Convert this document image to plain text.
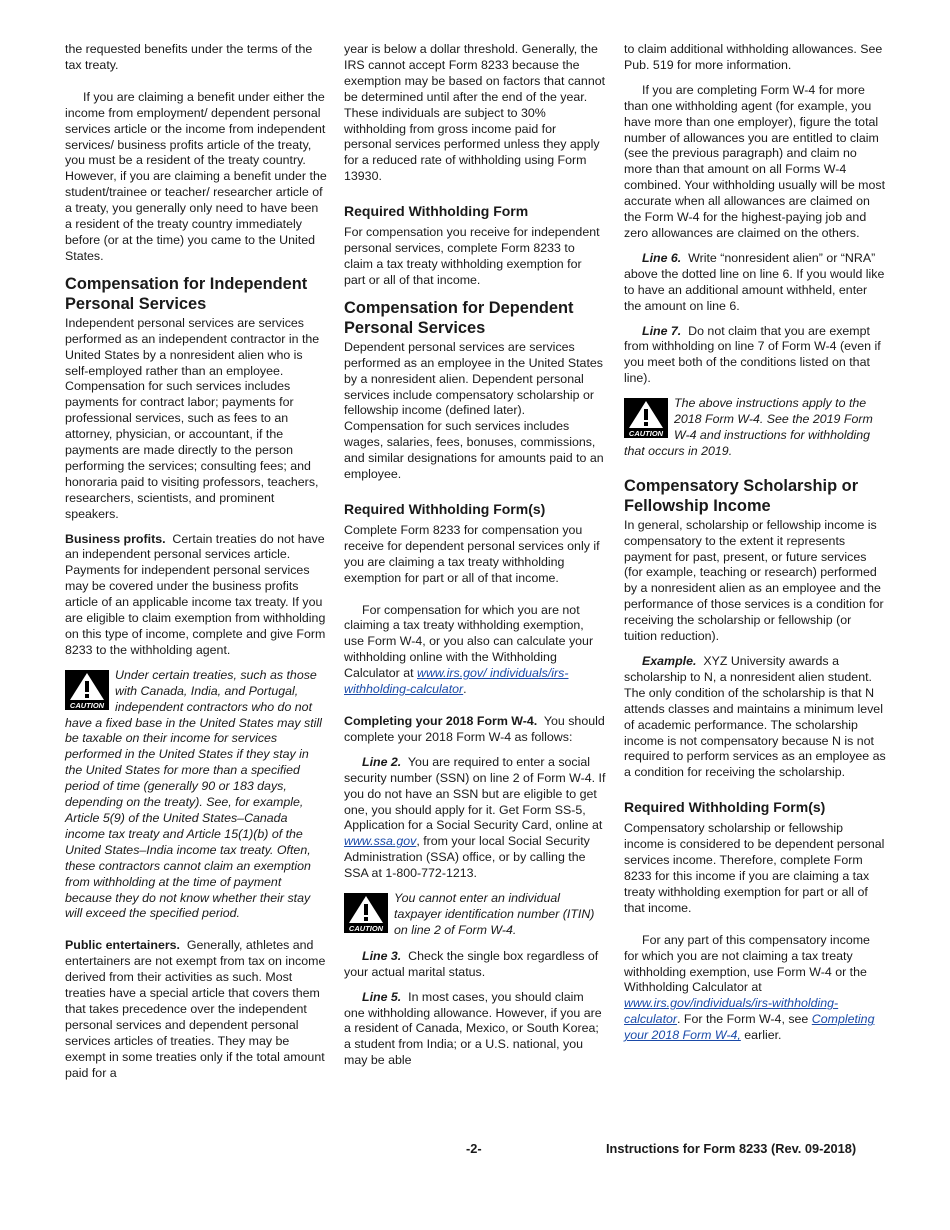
the requested benefits under the terms of the tax treaty.

If you are claiming a benefit under either the income from employment/ dependent personal services article or the income from independent services/ business profits article of the treaty, you must be a resident of the treaty country. However, if you are claiming a benefit under the student/trainee or teacher/ researcher article of a treaty, you generally only need to have been a resident of the treaty country immediately before (or at the time) you came to the United States.

Compensation for Independent Personal Services

Independent personal services are services performed as an independent contractor in the United States by a nonresident alien who is self-employed rather than an employee. Compensation for such services includes payments for contract labor; payments for professional services, such as fees to an attorney, physician, or accountant, if the payments are made directly to the person performing the services; consulting fees; and honoraria paid to visiting professors, teachers, researchers, scientists, and prominent speakers.

Business profits. Certain treaties do not have an independent personal services article. Payments for independent personal services may be covered under the business profits article of an applicable income tax treaty. If you are eligible to claim exemption from withholding on this type of income, complete and give Form 8233 to the withholding agent.

CAUTION
Under certain treaties, such as those with Canada, India, and Portugal, independent contractors who do not have a fixed base in the United States may still be taxable on their income for services performed in the United States if they stay in the United States for more than a specified period of time (generally 90 or 183 days, depending on the treaty). See, for example, Article 5(9) of the United States–Canada income tax treaty and Article 15(1)(b) of the United States–India income tax treaty. Often, these contractors cannot claim an exemption from withholding at the time of payment because they do not know whether their stay will exceed the specified period.

Public entertainers. Generally, athletes and entertainers are not exempt from tax on income derived from their activities as such. Most treaties have a special article that covers them that takes precedence over the independent personal services and dependent personal services articles of treaties. They may be exempt in some treaties only if the total amount paid for a

year is below a dollar threshold. Generally, the IRS cannot accept Form 8233 because the exemption may be based on factors that cannot be determined until after the end of the year. These individuals are subject to 30% withholding from gross income paid for personal services performed unless they apply for a reduced rate of withholding using Form 13930.

Required Withholding Form

For compensation you receive for independent personal services, complete Form 8233 to claim a tax treaty withholding exemption for part or all of that income.

Compensation for Dependent Personal Services

Dependent personal services are services performed as an employee in the United States by a nonresident alien. Dependent personal services include compensatory scholarship or fellowship income (defined later). Compensation for such services includes wages, salaries, fees, bonuses, commissions, and similar designations for amounts paid to an employee.

Required Withholding Form(s)

Complete Form 8233 for compensation you receive for dependent personal services only if you are claiming a tax treaty withholding exemption for part or all of that income.

For compensation for which you are not claiming a tax treaty withholding exemption, use Form W-4, or you also can calculate your withholding online with the Withholding Calculator at www.irs.gov/ individuals/irs-withholding-calculator.

Completing your 2018 Form W-4. You should complete your 2018 Form W-4 as follows:

Line 2. You are required to enter a social security number (SSN) on line 2 of Form W-4. If you do not have an SSN but are eligible to get one, you should apply for it. Get Form SS-5, Application for a Social Security Card, online at www.ssa.gov, from your local Social Security Administration (SSA) office, or by calling the SSA at 1-800-772-1213.

CAUTION
You cannot enter an individual taxpayer identification number (ITIN) on line 2 of Form W-4.

Line 3. Check the single box regardless of your actual marital status.

Line 5. In most cases, you should claim one withholding allowance. However, if you are a resident of Canada, Mexico, or South Korea; a student from India; or a U.S. national, you may be able

to claim additional withholding allowances. See Pub. 519 for more information.

If you are completing Form W-4 for more than one withholding agent (for example, you have more than one employer), figure the total number of allowances you are entitled to claim (see the previous paragraph) and claim no more than that amount on all Forms W-4 combined. Your withholding usually will be most accurate when all allowances are claimed on the Form W-4 for the highest-paying job and zero allowances are claimed on the others.

Line 6. Write “nonresident alien” or “NRA” above the dotted line on line 6. If you would like to have an additional amount withheld, enter the amount on line 6.

Line 7. Do not claim that you are exempt from withholding on line 7 of Form W-4 (even if you meet both of the conditions listed on that line).

CAUTION
The above instructions apply to the 2018 Form W-4. See the 2019 Form W-4 and instructions for withholding that occurs in 2019.
Compensatory Scholarship or Fellowship Income

In general, scholarship or fellowship income is compensatory to the extent it represents payment for past, present, or future services (for example, teaching or research) performed by a nonresident alien as an employee and the performance of those services is a condition for receiving the scholarship or fellowship (or tuition reduction).

Example. XYZ University awards a scholarship to N, a nonresident alien student. The only condition of the scholarship is that N attends classes and maintains a minimum level of academic performance. The scholarship income is not compensatory because N is not required to perform services as an employee as a condition for receiving the scholarship.

Required Withholding Form(s)

Compensatory scholarship or fellowship income is considered to be dependent personal services income. Therefore, complete Form 8233 for this income if you are claiming a tax treaty withholding exemption for part or all of that income.

For any part of this compensatory income for which you are not claiming a tax treaty withholding exemption, use Form W-4 or the Withholding Calculator at www.irs.gov/individuals/irs-withholding-calculator. For the Form W-4, see Completing your 2018 Form W-4, earlier.

-2-	Instructions for Form 8233 (Rev. 09-2018)
